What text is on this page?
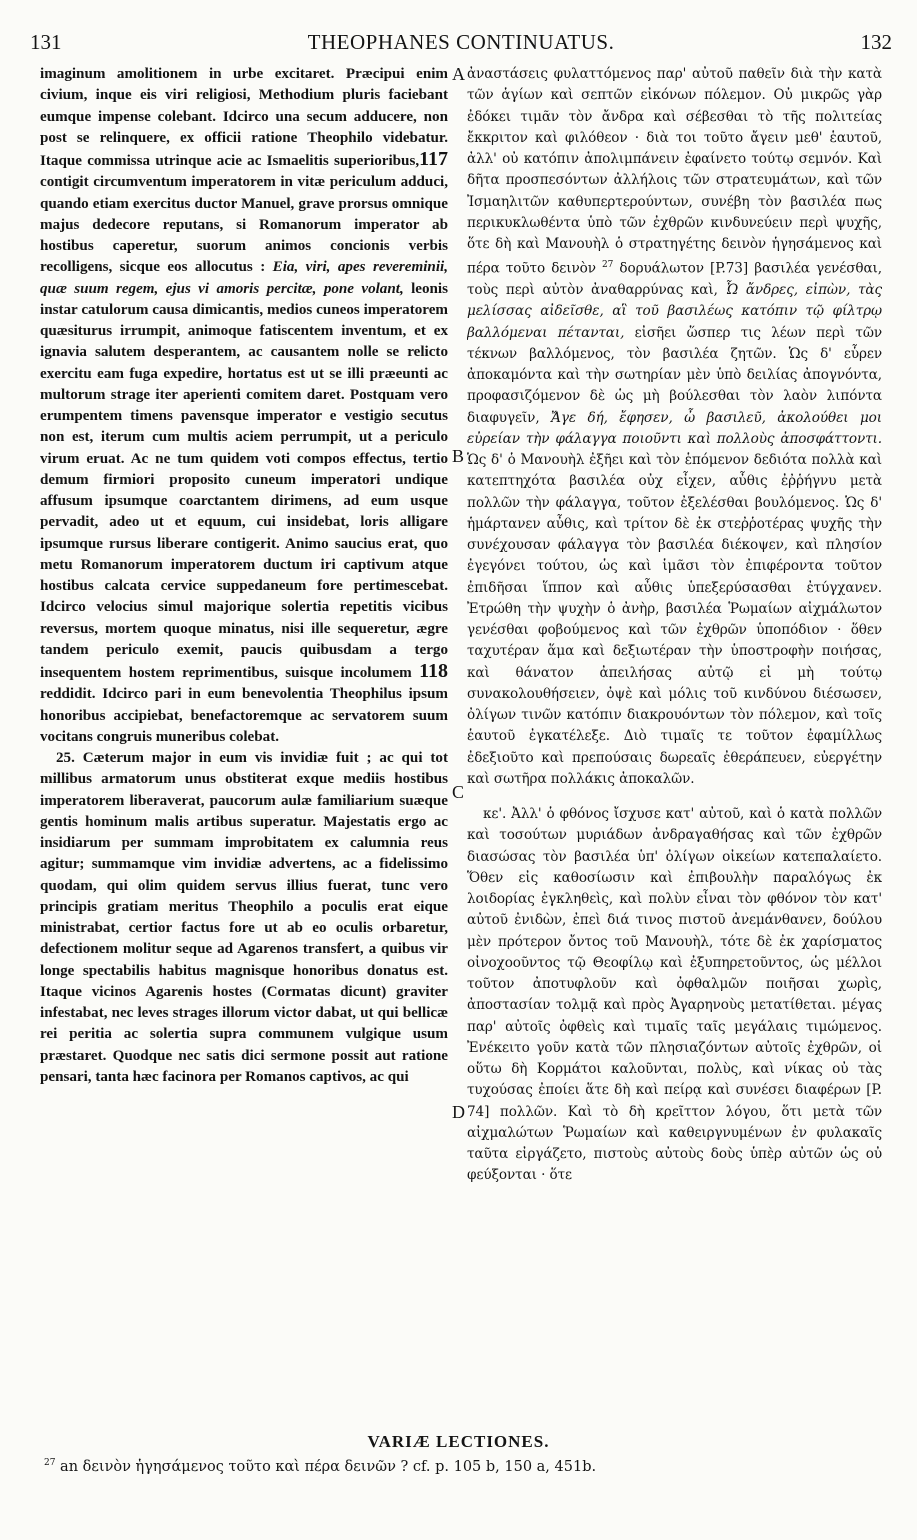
131	THEOPHANES CONTINUATUS.	132

imaginum amolitionem in urbe excitaret. Præcipui enim civium, inque eis viri religiosi, Methodium pluris faciebant eumque impense colebant. Idcirco una secum adducere, non post se relinquere, ex officii ratione Theophilo videbatur. Itaque commissa utrinque acie ac Ismaelitis superioribus,117 contigit circumventum imperatorem in vitæ periculum adduci, quando etiam exercitus ductor Manuel, grave prorsus omnique majus dedecore reputans, si Romanorum imperator ab hostibus caperetur, suorum animos concionis verbis recolligens, sicque eos allocutus : Eia, viri, apes revereminii, quæ suum regem, ejus vi amoris percitæ, pone volant, leonis instar catulorum causa dimicantis, medios cuneos imperatorem quæsiturus irrumpit, animoque fatiscentem inventum, et ex ignavia salutem desperantem, ac causantem nolle se relicto exercitu eam fuga expedire, hortatus est ut se illi præeunti ac multorum strage iter aperienti comitem daret. Postquam vero erumpentem timens pavensque imperator e vestigio secutus non est, iterum cum multis aciem perrumpit, ut a periculo virum eruat. Ac ne tum quidem voti compos effectus, tertio demum firmiori proposito cuneum imperatori undique affusum ipsumque coarctantem dirimens, ad eum usque pervadit, adeo ut et equum, cui insidebat, loris alligare ipsumque rursus liberare contigerit. Animo saucius erat, quo metu Romanorum imperatorem ductum iri captivum atque hostibus calcata cervice suppedaneum fore pertimescebat. Idcirco velocius simul majorique solertia repetitis vicibus reversus, mortem quoque minatus, nisi ille sequeretur, ægre tandem periculo exemit, paucis quibusdam a tergo insequentem hostem reprimentibus, suisque incolumem 118 reddidit. Idcirco pari in eum benevolentia Theophilus ipsum honoribus accipiebat, benefactoremque ac servatorem suum vocitans congruis muneribus colebat.

25. Cæterum major in eum vis invidiæ fuit ; ac qui tot millibus armatorum unus obstiterat exque mediis hostibus imperatorem liberaverat, paucorum aulæ familiarium suæque gentis hominum malis artibus superatur. Majestatis ergo ac insidiarum per summam improbitatem ex calumnia reus agitur; summamque vim invidiæ advertens, ac a fidelissimo quodam, qui olim quidem servus illius fuerat, tunc vero principis gratiam meritus Theophilo a poculis erat eique ministrabat, certior factus fore ut ab eo oculis orbaretur, defectionem molitur seque ad Agarenos transfert, a quibus vir longe spectabilis habitus magnisque honoribus donatus est. Itaque vicinos Agarenis hostes (Cormatas dicunt) graviter infestabat, nec leves strages illorum victor dabat, ut qui bellicæ rei peritia ac solertia supra communem vulgique usum præstaret. Quodque nec satis dici sermone possit aut ratione pensari, tanta hæc facinora per Romanos captivos, ac qui

A
B
C
D

ἀναστάσεις φυλαττόμενος παρ' αὐτοῦ παθεῖν διὰ τὴν κατὰ τῶν ἁγίων καὶ σεπτῶν εἰκόνων πόλεμον. Οὐ μικρῶς γὰρ ἐδόκει τιμᾶν τὸν ἄνδρα καὶ σέβεσθαι τὸ τῆς πολιτείας ἔκκριτον καὶ φιλόθεον · διὰ τοι τοῦτο ἄγειν μεθ' ἑαυτοῦ, ἀλλ' οὐ κατόπιν ἀπολιμπάνειν ἐφαίνετο τούτῳ σεμνόν. Καὶ δῆτα προσπεσόντων ἀλλήλοις τῶν στρατευμάτων, καὶ τῶν Ἰσμαηλιτῶν καθυπερτερούντων, συνέβη τὸν βασιλέα πως περικυκλωθέντα ὑπὸ τῶν ἐχθρῶν κινδυνεύειν περὶ ψυχῆς, ὅτε δὴ καὶ Μανουὴλ ὁ στρατηγέτης δεινὸν ἡγησάμενος καὶ πέρα τοῦτο δεινὸν $^{27}$ δορυάλωτον [P.73] βασιλέα γενέσθαι, τοὺς περὶ αὐτὸν ἀναθαρρύνας καὶ, Ὦ ἄνδρες, εἰπὼν, τὰς μελίσσας αἰδεῖσθε, αἳ τοῦ βασιλέως κατόπιν τῷ φίλτρῳ βαλλόμεναι πέτανται, εἰσῆει ὥσπερ τις λέων περὶ τῶν τέκνων βαλλόμενος, τὸν βασιλέα ζητῶν. Ὡς δ' εὗρεν ἀποκαμόντα καὶ τὴν σωτηρίαν μὲν ὑπὸ δειλίας ἀπογνόντα, προφασιζόμενον δὲ ὡς μὴ βούλεσθαι τὸν λαὸν λιπόντα διαφυγεῖν, Ἄγε δή, ἔφησεν, ὦ βασιλεῦ, ἀκολούθει μοι εὐρείαν τὴν φάλαγγα ποιοῦντι καὶ πολλοὺς ἀποσφάττοντι. Ὡς δ' ὁ Μανουὴλ ἐξῆει καὶ τὸν ἑπόμενον δεδιότα πολλὰ καὶ κατεπτηχότα βασιλέα οὐχ εἶχεν, αὖθις ἐῤῥήγνυ μετὰ πολλῶν τὴν φάλαγγα, τοῦτον ἐξελέσθαι βουλόμενος. Ὡς δ' ἡμάρτανεν αὖθις, καὶ τρίτον δὲ ἐκ στεῤῥοτέρας ψυχῆς τὴν συνέχουσαν φάλαγγα τὸν βασιλέα διέκοψεν, καὶ πλησίον ἐγεγόνει τούτου, ὡς καὶ ἱμᾶσι τὸν ἐπιφέροντα τοῦτον ἐπιδῆσαι ἵππον καὶ αὖθις ὑπεξερύσασθαι ἐτύγχανεν. Ἐτρώθη τὴν ψυχὴν ὁ ἀνὴρ, βασιλέα Ῥωμαίων αἰχμάλωτον γενέσθαι φοβούμενος καὶ τῶν ἐχθρῶν ὑποπόδιον · ὅθεν ταχυτέραν ἅμα καὶ δεξιωτέραν τὴν ὑποστροφὴν ποιήσας, καὶ θάνατον ἀπειλήσας αὐτῷ εἰ μὴ τούτῳ συνακολουθήσειεν, ὀψὲ καὶ μόλις τοῦ κινδύνου διέσωσεν, ὀλίγων τινῶν κατόπιν διακρουόντων τὸν πόλεμον, καὶ τοῖς ἑαυτοῦ ἐγκατέλεξε. Διὸ τιμαῖς τε τοῦτον ἐφαμίλλως ἐδεξιοῦτο καὶ πρεπούσαις δωρεαῖς ἐθεράπευεν, εὐεργέτην καὶ σωτῆρα πολλάκις ἀποκαλῶν.

κε'. Ἀλλ' ὁ φθόνος ἴσχυσε κατ' αὐτοῦ, καὶ ὁ κατὰ πολλῶν καὶ τοσούτων μυριάδων ἀνδραγαθήσας καὶ τῶν ἐχθρῶν διασώσας τὸν βασιλέα ὑπ' ὀλίγων οἰκείων κατεπαλαίετο. Ὅθεν εἰς καθοσίωσιν καὶ ἐπιβουλὴν παραλόγως ἐκ λοιδορίας ἐγκληθεὶς, καὶ πολὺν εἶναι τὸν φθόνον τὸν κατ' αὐτοῦ ἐνιδὼν, ἐπεὶ διά τινος πιστοῦ ἀνεμάνθανεν, δούλου μὲν πρότερον ὄντος τοῦ Μανουὴλ, τότε δὲ ἐκ χαρίσματος οἰνοχοοῦντος τῷ Θεοφίλῳ καὶ ἐξυπηρετοῦντος, ὡς μέλλοι τοῦτον ἀποτυφλοῦν καὶ ὀφθαλμῶν ποιῆσαι χωρὶς, ἀποστασίαν τολμᾷ καὶ πρὸς Ἀγαρηνοὺς μετατίθεται. μέγας παρ' αὐτοῖς ὀφθεὶς καὶ τιμαῖς ταῖς μεγάλαις τιμώμενος. Ἐνέκειτο γοῦν κατὰ τῶν πλησιαζόντων αὐτοῖς ἐχθρῶν, οἱ οὕτω δὴ Κορμάτοι καλοῦνται, πολὺς, καὶ νίκας οὐ τὰς τυχούσας ἐποίει ἅτε δὴ καὶ πείρᾳ καὶ συνέσει διαφέρων [P. 74] πολλῶν. Καὶ τὸ δὴ κρεῖττον λόγου, ὅτι μετὰ τῶν αἰχμαλώτων Ῥωμαίων καὶ καθειργνυμένων ἐν φυλακαῖς ταῦτα εἰργάζετο, πιστοὺς αὐτοὺς δοὺς ὑπὲρ αὐτῶν ὡς οὐ φεύξονται · ὅτε

VARIÆ LECTIONES.
$^{27}$ an δεινὸν ἡγησάμενος τοῦτο καὶ πέρα δεινῶν ? cf. p. 105 b, 150 a, 451b.
